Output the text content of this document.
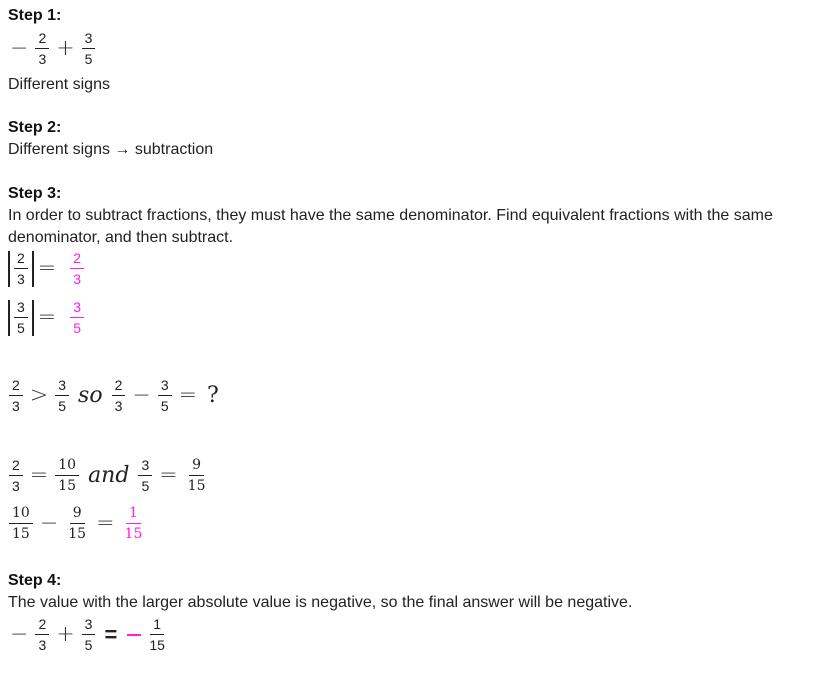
Step 1:
− $\frac{2}{3} + \frac{3}{5}$
Different signs
Step 2:
Different signs → subtraction
Step 3:
In order to subtract fractions, they must have the same denominator. Find equivalent fractions with the same denominator, and then subtract.
$\frac{2}{3} = \frac{2}{3}$
$\frac{3}{5} = \frac{3}{5}$
$\frac{2}{3} > \frac{3}{5}$ so $\frac{2}{3} - \frac{3}{5}$ = ?
$\frac{2}{3} = \frac{10}{15}$ and $\frac{3}{5} = \frac{9}{15}$
$\frac{10}{15} - \frac{9}{15} = \frac{1}{15}$
Step 4:
The value with the larger absolute value is negative, so the final answer will be negative.
− $\frac{2}{3} + \frac{3}{5} = \frac{1}{15}$
